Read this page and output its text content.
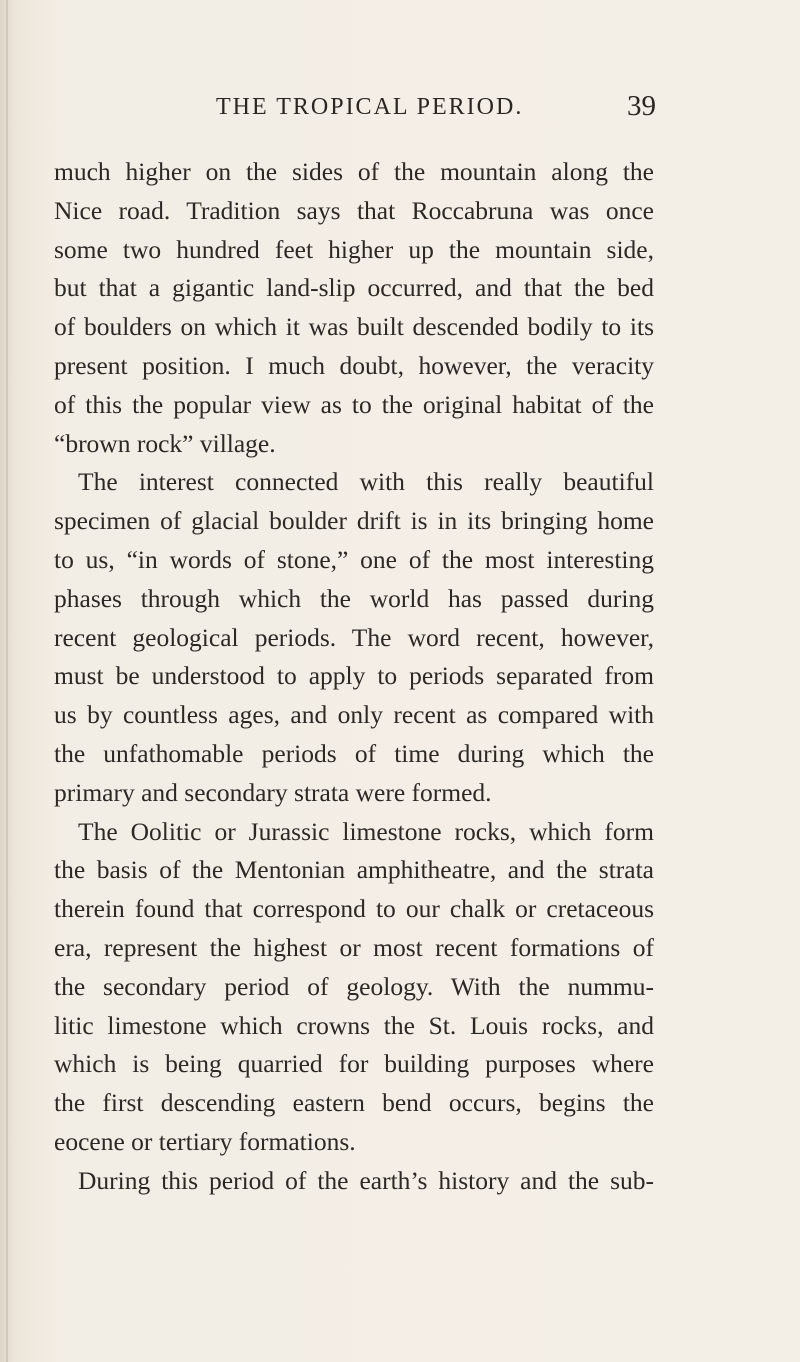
THE TROPICAL PERIOD.	39
much higher on the sides of the mountain along the
Nice road. Tradition says that Roccabruna was once
some two hundred feet higher up the mountain side,
but that a gigantic land-slip occurred, and that the bed
of boulders on which it was built descended bodily to its
present position. I much doubt, however, the veracity
of this the popular view as to the original habitat of the
“brown rock” village.
The interest connected with this really beautiful
specimen of glacial boulder drift is in its bringing home
to us, “in words of stone,” one of the most interesting
phases through which the world has passed during
recent geological periods. The word recent, however,
must be understood to apply to periods separated from
us by countless ages, and only recent as compared with
the unfathomable periods of time during which the
primary and secondary strata were formed.
The Oolitic or Jurassic limestone rocks, which form
the basis of the Mentonian amphitheatre, and the strata
therein found that correspond to our chalk or cretaceous
era, represent the highest or most recent formations of
the secondary period of geology. With the nummu-
litic limestone which crowns the St. Louis rocks, and
which is being quarried for building purposes where
the first descending eastern bend occurs, begins the
eocene or tertiary formations.
During this period of the earth’s history and the sub-
